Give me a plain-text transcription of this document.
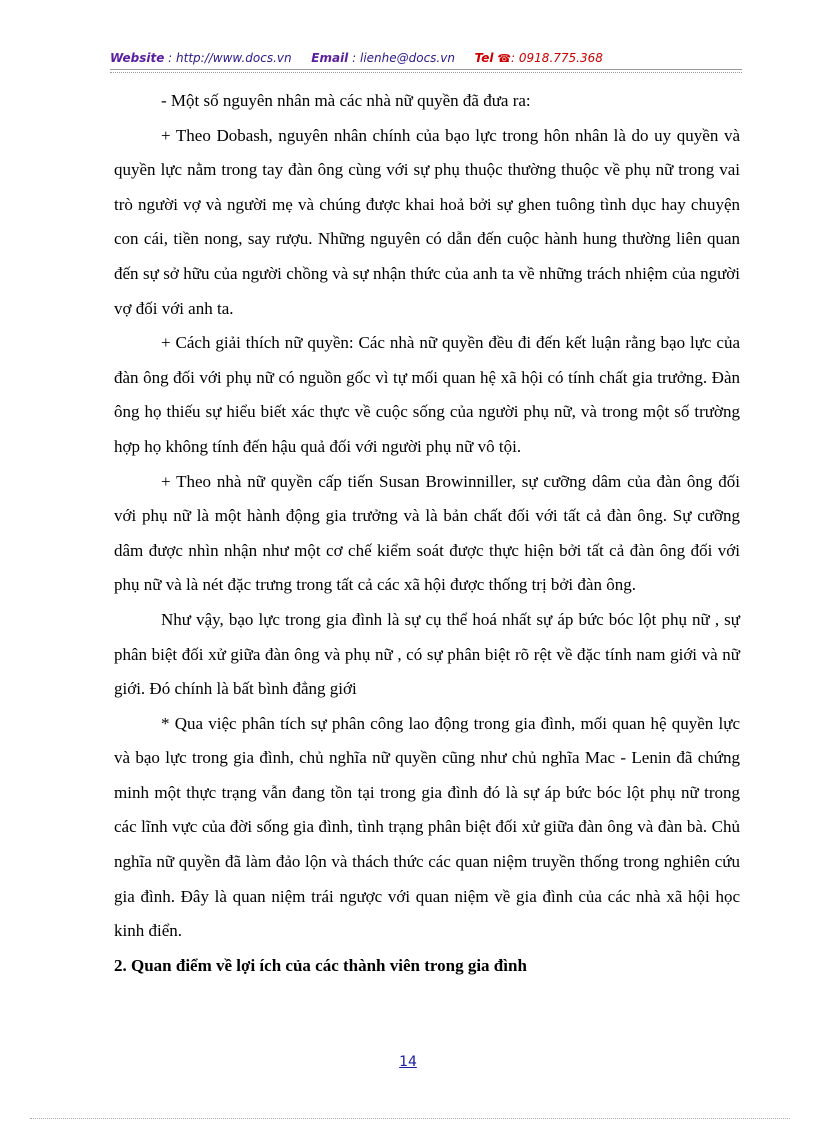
Website : http://www.docs.vn Email : lienhe@docs.vn Tel ☎: 0918.775.368

- Một số nguyên nhân mà các nhà nữ quyền đã đưa ra:

+ Theo Dobash, nguyên nhân chính của bạo lực trong hôn nhân là do uy quyền và quyền lực nằm trong tay đàn ông cùng với sự phụ thuộc thường thuộc về phụ nữ trong vai trò người vợ và người mẹ và chúng được khai hoả bởi sự ghen tuông tình dục hay chuyện con cái, tiền nong, say rượu. Những nguyên có dẫn đến cuộc hành hung thường liên quan đến sự sở hữu của người chồng và sự nhận thức của anh ta về những trách nhiệm của người vợ đối với anh ta.

+ Cách giải thích nữ quyền: Các nhà nữ quyền đều đi đến kết luận rằng bạo lực của đàn ông đối với phụ nữ có nguồn gốc vì tự mối quan hệ xã hội có tính chất gia trưởng. Đàn ông họ thiếu sự hiểu biết xác thực về cuộc sống của người phụ nữ, và trong một số trường hợp họ không tính đến hậu quả đối với người phụ nữ vô tội.

+ Theo nhà nữ quyền cấp tiến Susan Browinniller, sự cưỡng dâm của đàn ông đối với phụ nữ là một hành động gia trưởng và là bản chất đối với tất cả đàn ông. Sự cưỡng dâm được nhìn nhận như một cơ chế kiểm soát được thực hiện bởi tất cả đàn ông đối với phụ nữ và là nét đặc trưng trong tất cả các xã hội được thống trị bởi đàn ông.

Như vậy, bạo lực trong gia đình là sự cụ thể hoá nhất sự áp bức bóc lột phụ nữ , sự phân biệt đối xử giữa đàn ông và phụ nữ , có sự phân biệt rõ rệt về đặc tính nam giới và nữ giới. Đó chính là bất bình đẳng giới

* Qua việc phân tích sự phân công lao động trong gia đình, mối quan hệ quyền lực và bạo lực trong gia đình, chủ nghĩa nữ quyền cũng như chủ nghĩa Mac - Lenin đã chứng minh một thực trạng vẫn đang tồn tại trong gia đình đó là sự áp bức bóc lột phụ nữ trong các lĩnh vực của đời sống gia đình, tình trạng phân biệt đối xử giữa đàn ông và đàn bà. Chủ nghĩa nữ quyền đã làm đảo lộn và thách thức các quan niệm truyền thống trong nghiên cứu gia đình. Đây là quan niệm trái ngược với quan niệm về gia đình của các nhà xã hội học kinh điển.

2. Quan điểm về lợi ích của các thành viên trong gia đình

14
